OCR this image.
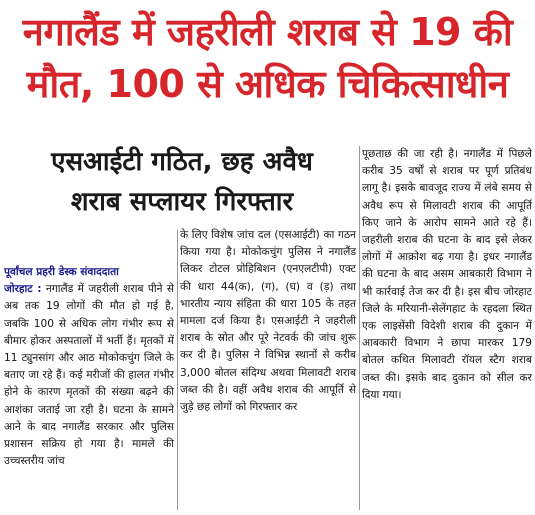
नगालैंड में जहरीली शराब से 19 की
मौत, 100 से अधिक चिकित्साधीन
एसआईटी गठित, छह अवैध
शराब सप्लायर गिरफ्तार

पूर्वांचल प्रहरी डेस्क संवाददाता
जोरहाट : नगालैंड में जहरीली शराब पीने से अब तक 19 लोगों की मौत हो गई है, जबकि 100 से अधिक लोग गंभीर रूप से बीमार होकर अस्पतालों में भर्ती हैं। मृतकों में 11 ट्युनसांग और आठ मोकोकचुंग जिले के बताए जा रहे हैं। कई मरीजों की हालत गंभीर होने के कारण मृतकों की संख्या बढ़ने की आशंका जताई जा रही है। घटना के सामने आने के बाद नगालैंड सरकार और पुलिस प्रशासन सक्रिय हो गया है। मामले की उच्चस्तरीय जांच

के लिए विशेष जांच दल (एसआईटी) का गठन किया गया है। मोकोकचुंग पुलिस ने नगालैंड लिकर टोटल प्रोहिबिशन (एनएलटीपी) एक्ट की धारा 44(क), (ग), (घ) व (ड़) तथा भारतीय न्याय संहिता की धारा 105 के तहत मामला दर्ज किया है। एसआईटी ने जहरीली शराब के स्रोत और पूरे नेटवर्क की जांच शुरू कर दी है। पुलिस ने विभिन्न स्थानों से करीब 3,000 बोतल संदिग्ध अथवा मिलावटी शराब जब्त की है। वहीं अवैध शराब की आपूर्ति से जुड़े छह लोगों को गिरफ्तार कर

पूछताछ की जा रही है। नगालैंड में पिछले करीब 35 वर्षों से शराब पर पूर्ण प्रतिबंध लागू है। इसके बावजूद राज्य में लंबे समय से अवैध रूप से मिलावटी शराब की आपूर्ति किए जाने के आरोप सामने आते रहे हैं। जहरीली शराब की घटना के बाद इसे लेकर लोगों में आक्रोश बढ़ गया है। इधर नगालैंड की घटना के बाद असम आबकारी विभाग ने भी कार्रवाई तेज कर दी है। इस बीच जोरहाट जिले के मरियानी-सेलेंगहाट के रहदला स्थित एक लाइसेंसी विदेशी शराब की दुकान में आबकारी विभाग ने छापा मारकर 179 बोतल कथित मिलावटी रॉयल स्टैग शराब जब्त की। इसके बाद दुकान को सील कर दिया गया।
